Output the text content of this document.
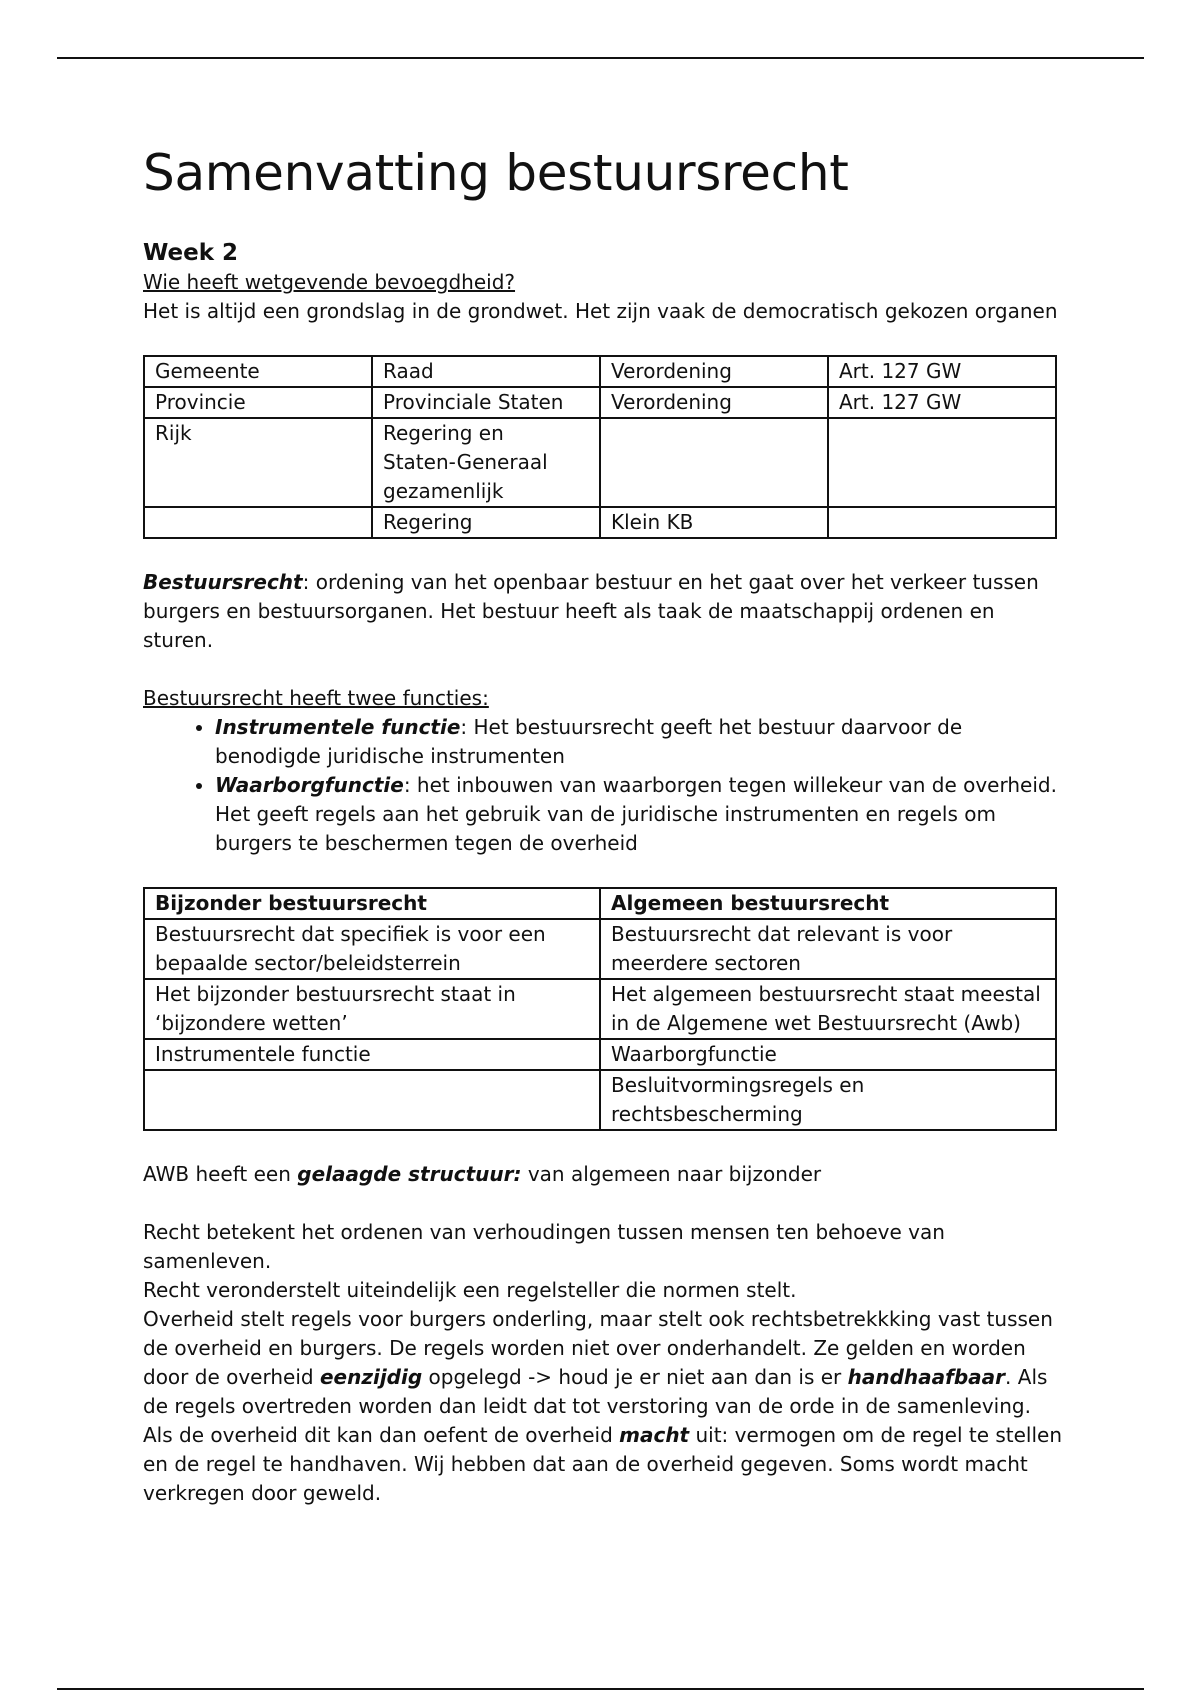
Samenvatting bestuursrecht

Week 2

Wie heeft wetgevende bevoegdheid?

Het is altijd een grondslag in de grondwet. Het zijn vaak de democratisch gekozen organen

Gemeente	Raad	Verordening	Art. 127 GW
Provincie	Provinciale Staten	Verordening	Art. 127 GW
Rijk	Regering en Staten-Generaal gezamenlijk		
	Regering	Klein KB	

Bestuursrecht: ordening van het openbaar bestuur en het gaat over het verkeer tussen burgers en bestuursorganen. Het bestuur heeft als taak de maatschappij ordenen en sturen.

Bestuursrecht heeft twee functies:

• Instrumentele functie: Het bestuursrecht geeft het bestuur daarvoor de benodigde juridische instrumenten
• Waarborgfunctie: het inbouwen van waarborgen tegen willekeur van de overheid. Het geeft regels aan het gebruik van de juridische instrumenten en regels om burgers te beschermen tegen de overheid
Bijzonder bestuursrecht	Algemeen bestuursrecht
Bestuursrecht dat specifiek is voor een bepaalde sector/beleidsterrein	Bestuursrecht dat relevant is voor meerdere sectoren
Het bijzonder bestuursrecht staat in ‘bijzondere wetten’	Het algemeen bestuursrecht staat meestal in de Algemene wet Bestuursrecht (Awb)
Instrumentele functie	Waarborgfunctie
	Besluitvormingsregels en rechtsbescherming

AWB heeft een gelaagde structuur: van algemeen naar bijzonder

Recht betekent het ordenen van verhoudingen tussen mensen ten behoeve van samenleven.

Recht veronderstelt uiteindelijk een regelsteller die normen stelt.

Overheid stelt regels voor burgers onderling, maar stelt ook rechtsbetrekkking vast tussen de overheid en burgers. De regels worden niet over onderhandelt. Ze gelden en worden door de overheid eenzijdig opgelegd -> houd je er niet aan dan is er handhaafbaar. Als de regels overtreden worden dan leidt dat tot verstoring van de orde in de samenleving. Als de overheid dit kan dan oefent de overheid macht uit: vermogen om de regel te stellen en de regel te handhaven. Wij hebben dat aan de overheid gegeven. Soms wordt macht verkregen door geweld.
